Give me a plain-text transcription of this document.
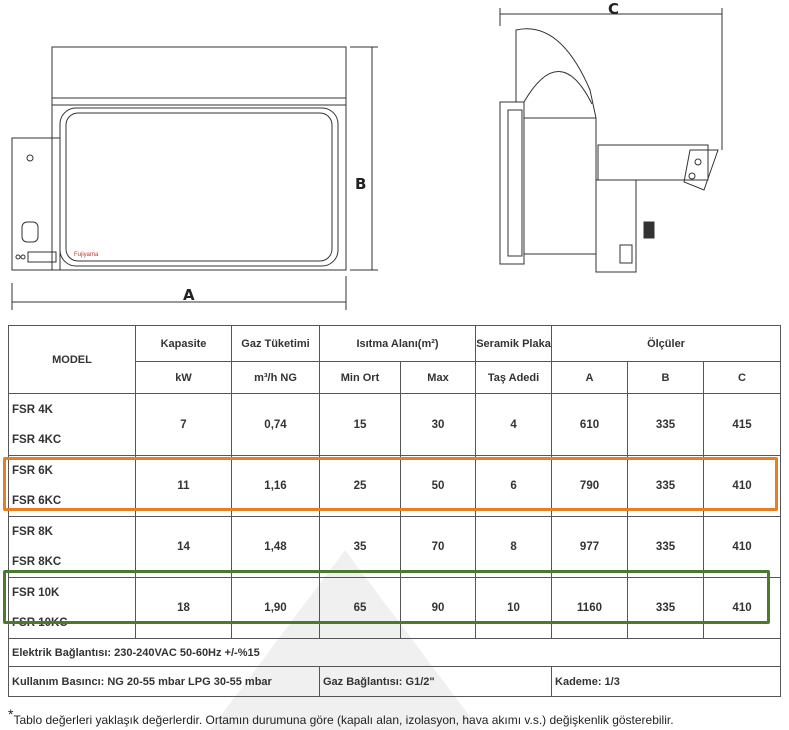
Fujiyama
A
B
C
MODEL	Kapasite	Gaz Tüketimi	Isıtma Alanı(m²)		Seramik Plaka	Ölçüler		
	kW	m³/h NG	Min Ort	Max	Taş Adedi	A	B	C

FSR 4K
FSR 4KC	7	0,74	15	30	4	610	335	415

FSR 6K
FSR 6KC	11	1,16	25	50	6	790	335	410

FSR 8K
FSR 8KC	14	1,48	35	70	8	977	335	410

FSR 10K
FSR 10KC	18	1,90	65	90	10	1160	335	410
Elektrik Bağlantısı: 230-240VAC 50-60Hz +/-%15								
Kullanım Basıncı: NG 20-55 mbar LPG 30-55 mbar			Gaz Bağlantısı: G1/2"			Kademe: 1/3		
*Tablo değerleri yaklaşık değerlerdir. Ortamın durumuna göre (kapalı alan, izolasyon, hava akımı v.s.) değişkenlik gösterebilir.
